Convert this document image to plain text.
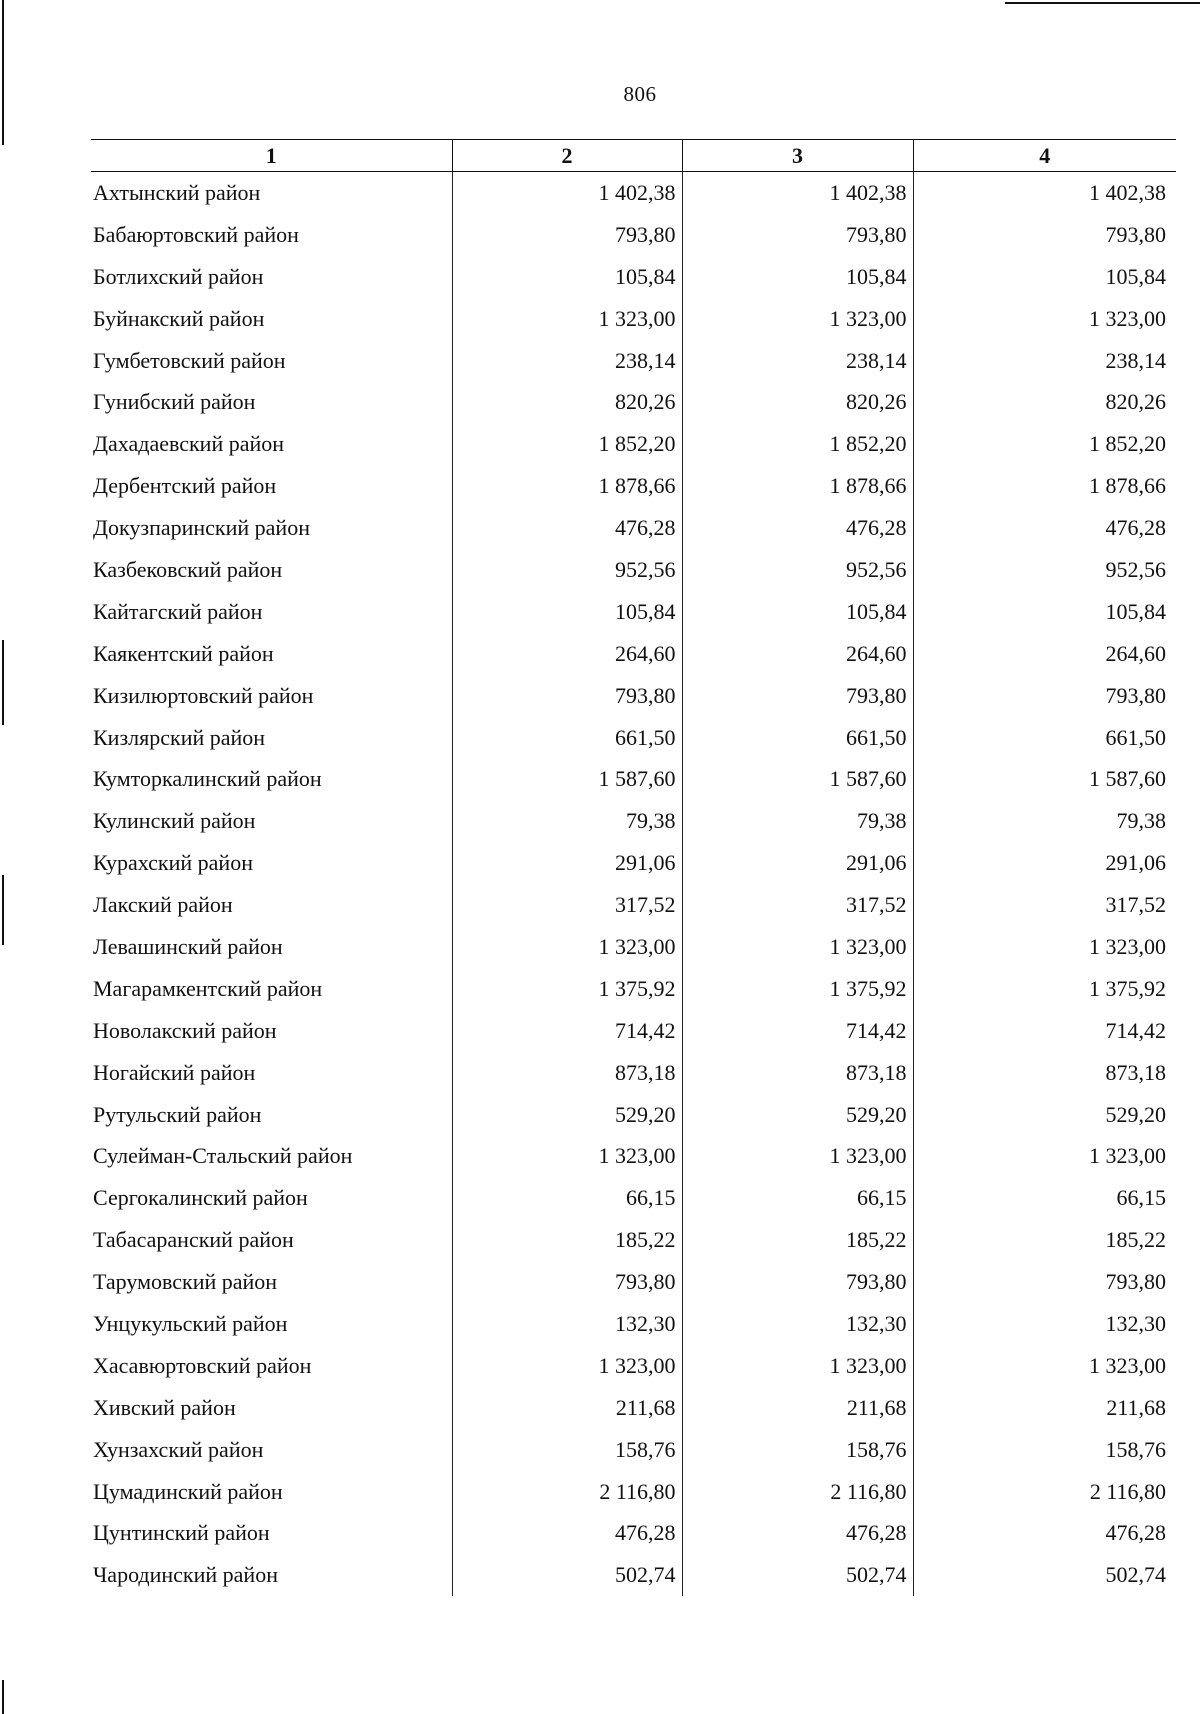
806
1	2	3	4
Ахтынский район	1 402,38	1 402,38	1 402,38
Бабаюртовский район	793,80	793,80	793,80
Ботлихский район	105,84	105,84	105,84
Буйнакский район	1 323,00	1 323,00	1 323,00
Гумбетовский район	238,14	238,14	238,14
Гунибский район	820,26	820,26	820,26
Дахадаевский район	1 852,20	1 852,20	1 852,20
Дербентский район	1 878,66	1 878,66	1 878,66
Докузпаринский район	476,28	476,28	476,28
Казбековский район	952,56	952,56	952,56
Кайтагский район	105,84	105,84	105,84
Каякентский район	264,60	264,60	264,60
Кизилюртовский район	793,80	793,80	793,80
Кизлярский район	661,50	661,50	661,50
Кумторкалинский район	1 587,60	1 587,60	1 587,60
Кулинский район	79,38	79,38	79,38
Курахский район	291,06	291,06	291,06
Лакский район	317,52	317,52	317,52
Левашинский район	1 323,00	1 323,00	1 323,00
Магарамкентский район	1 375,92	1 375,92	1 375,92
Новолакский район	714,42	714,42	714,42
Ногайский район	873,18	873,18	873,18
Рутульский район	529,20	529,20	529,20
Сулейман-Стальский район	1 323,00	1 323,00	1 323,00
Сергокалинский район	66,15	66,15	66,15
Табасаранский район	185,22	185,22	185,22
Тарумовский район	793,80	793,80	793,80
Унцукульский район	132,30	132,30	132,30
Хасавюртовский район	1 323,00	1 323,00	1 323,00
Хивский район	211,68	211,68	211,68
Хунзахский район	158,76	158,76	158,76
Цумадинский район	2 116,80	2 116,80	2 116,80
Цунтинский район	476,28	476,28	476,28
Чародинский район	502,74	502,74	502,74
